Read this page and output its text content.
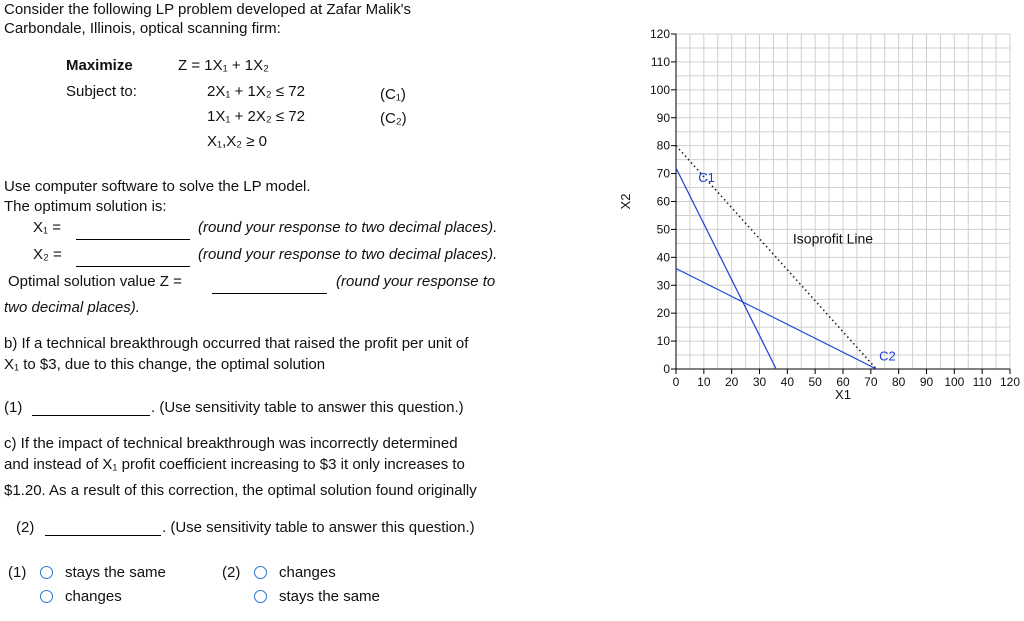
Consider the following LP problem developed at Zafar Malik's
Carbondale, Illinois, optical scanning firm:
Maximize
Subject to:
Z = 1X₁ + 1X₂
2X₁ + 1X₂ ≤ 72	(C₁)
1X₁ + 2X₂ ≤ 72	(C₂)
X₁,X₂ ≥ 0
Use computer software to solve the LP model.
The optimum solution is:
X₁ =	(round your response to two decimal places).
X₂ =	(round your response to two decimal places).
Optimal solution value Z =	(round your response to
two decimal places).
b) If a technical breakthrough occurred that raised the profit per unit of
X₁ to $3, due to this change, the optimal solution
(1)	. (Use sensitivity table to answer this question.)
c) If the impact of technical breakthrough was incorrectly determined
and instead of X₁ profit coefficient increasing to $3 it only increases to
$1.20. As a result of this correction, the optimal solution found originally
(2)	. (Use sensitivity table to answer this question.)
(1)	stays the same
changes
(2)	changes
stays the same
0 10 20 30 40 50 60 70 80 90 100 110 120
0
10
20
30
40
50
60
70
80
90
100
110
120
X1
X2
C1
Isoprofit Line
C2
